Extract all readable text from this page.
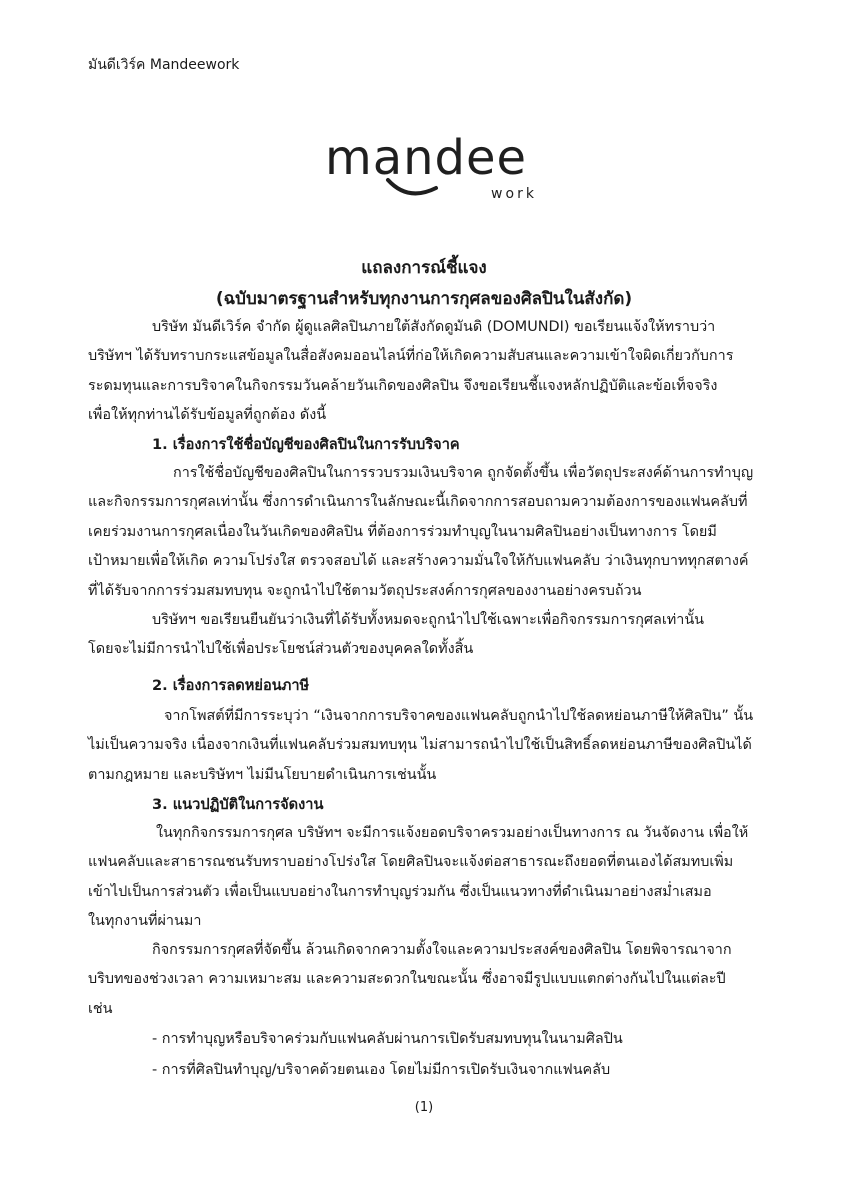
มันดีเวิร์ค Mandeework
mandee
work
แถลงการณ์ชี้แจง
(ฉบับมาตรฐานสำหรับทุกงานการกุศลของศิลปินในสังกัด)
บริษัท มันดีเวิร์ค จำกัด ผู้ดูแลศิลปินภายใต้สังกัดดูมันดิ (DOMUNDI) ขอเรียนแจ้งให้ทราบว่า
บริษัทฯ ได้รับทราบกระแสข้อมูลในสื่อสังคมออนไลน์ที่ก่อให้เกิดความสับสนและความเข้าใจผิดเกี่ยวกับการ
ระดมทุนและการบริจาคในกิจกรรมวันคล้ายวันเกิดของศิลปิน จึงขอเรียนชี้แจงหลักปฏิบัติและข้อเท็จจริง
เพื่อให้ทุกท่านได้รับข้อมูลที่ถูกต้อง ดังนี้
1. เรื่องการใช้ชื่อบัญชีของศิลปินในการรับบริจาค
การใช้ชื่อบัญชีของศิลปินในการรวบรวมเงินบริจาค ถูกจัดตั้งขึ้น เพื่อวัตถุประสงค์ด้านการทำบุญ
และกิจกรรมการกุศลเท่านั้น ซึ่งการดำเนินการในลักษณะนี้เกิดจากการสอบถามความต้องการของแฟนคลับที่
เคยร่วมงานการกุศลเนื่องในวันเกิดของศิลปิน ที่ต้องการร่วมทำบุญในนามศิลปินอย่างเป็นทางการ โดยมี
เป้าหมายเพื่อให้เกิด ความโปร่งใส ตรวจสอบได้ และสร้างความมั่นใจให้กับแฟนคลับ ว่าเงินทุกบาททุกสตางค์
ที่ได้รับจากการร่วมสมทบทุน จะถูกนำไปใช้ตามวัตถุประสงค์การกุศลของงานอย่างครบถ้วน
บริษัทฯ ขอเรียนยืนยันว่าเงินที่ได้รับทั้งหมดจะถูกนำไปใช้เฉพาะเพื่อกิจกรรมการกุศลเท่านั้น
โดยจะไม่มีการนำไปใช้เพื่อประโยชน์ส่วนตัวของบุคคลใดทั้งสิ้น
2. เรื่องการลดหย่อนภาษี
จากโพสต์ที่มีการระบุว่า “เงินจากการบริจาคของแฟนคลับถูกนำไปใช้ลดหย่อนภาษีให้ศิลปิน” นั้น
ไม่เป็นความจริง เนื่องจากเงินที่แฟนคลับร่วมสมทบทุน ไม่สามารถนำไปใช้เป็นสิทธิ์ลดหย่อนภาษีของศิลปินได้
ตามกฎหมาย และบริษัทฯ ไม่มีนโยบายดำเนินการเช่นนั้น
3. แนวปฏิบัติในการจัดงาน
ในทุกกิจกรรมการกุศล บริษัทฯ จะมีการแจ้งยอดบริจาครวมอย่างเป็นทางการ ณ วันจัดงาน เพื่อให้
แฟนคลับและสาธารณชนรับทราบอย่างโปร่งใส โดยศิลปินจะแจ้งต่อสาธารณะถึงยอดที่ตนเองได้สมทบเพิ่ม
เข้าไปเป็นการส่วนตัว เพื่อเป็นแบบอย่างในการทำบุญร่วมกัน ซึ่งเป็นแนวทางที่ดำเนินมาอย่างสม่ำเสมอ
ในทุกงานที่ผ่านมา
กิจกรรมการกุศลที่จัดขึ้น ล้วนเกิดจากความตั้งใจและความประสงค์ของศิลปิน โดยพิจารณาจาก
บริบทของช่วงเวลา ความเหมาะสม และความสะดวกในขณะนั้น ซึ่งอาจมีรูปแบบแตกต่างกันไปในแต่ละปี
เช่น
- การทำบุญหรือบริจาคร่วมกับแฟนคลับผ่านการเปิดรับสมทบทุนในนามศิลปิน
- การที่ศิลปินทำบุญ/บริจาคด้วยตนเอง โดยไม่มีการเปิดรับเงินจากแฟนคลับ
(1)
